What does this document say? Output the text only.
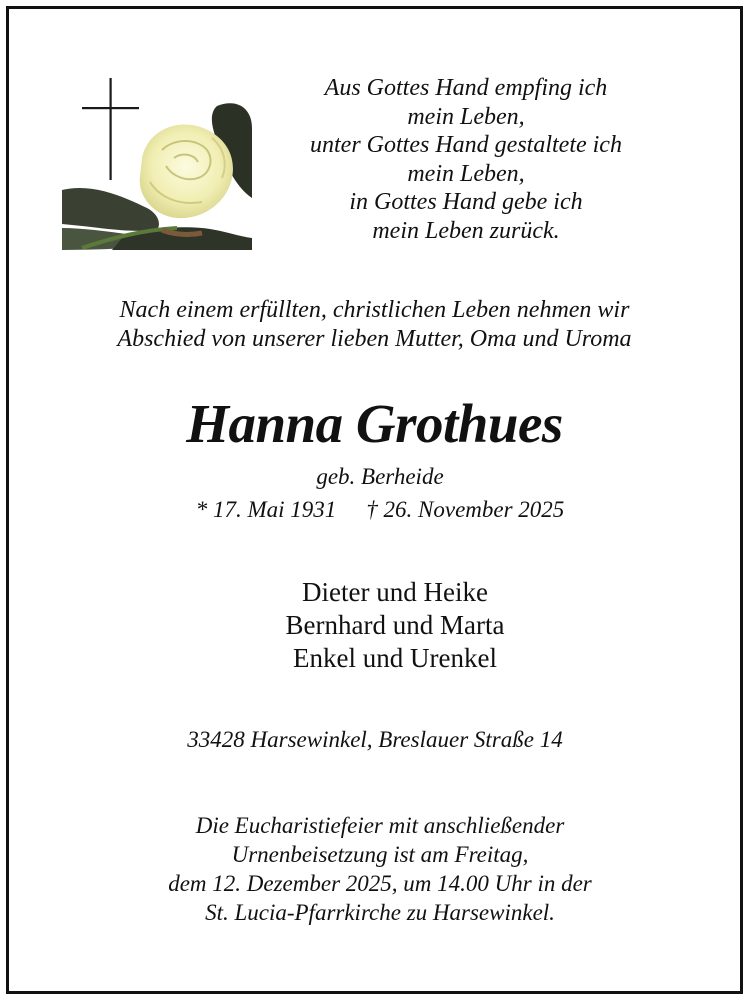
Aus Gottes Hand empfing ich
mein Leben,
unter Gottes Hand gestaltete ich
mein Leben,
in Gottes Hand gebe ich
mein Leben zurück.
Nach einem erfüllten, christlichen Leben nehmen wir
Abschied von unserer lieben Mutter, Oma und Uroma
Hanna Grothues
geb. Berheide
* 17. Mai 1931 † 26. November 2025
Dieter und Heike
Bernhard und Marta
Enkel und Urenkel
33428 Harsewinkel, Breslauer Straße 14
Die Eucharistiefeier mit anschließender
Urnenbeisetzung ist am Freitag,
dem 12. Dezember 2025, um 14.00 Uhr in der
St. Lucia-Pfarrkirche zu Harsewinkel.
